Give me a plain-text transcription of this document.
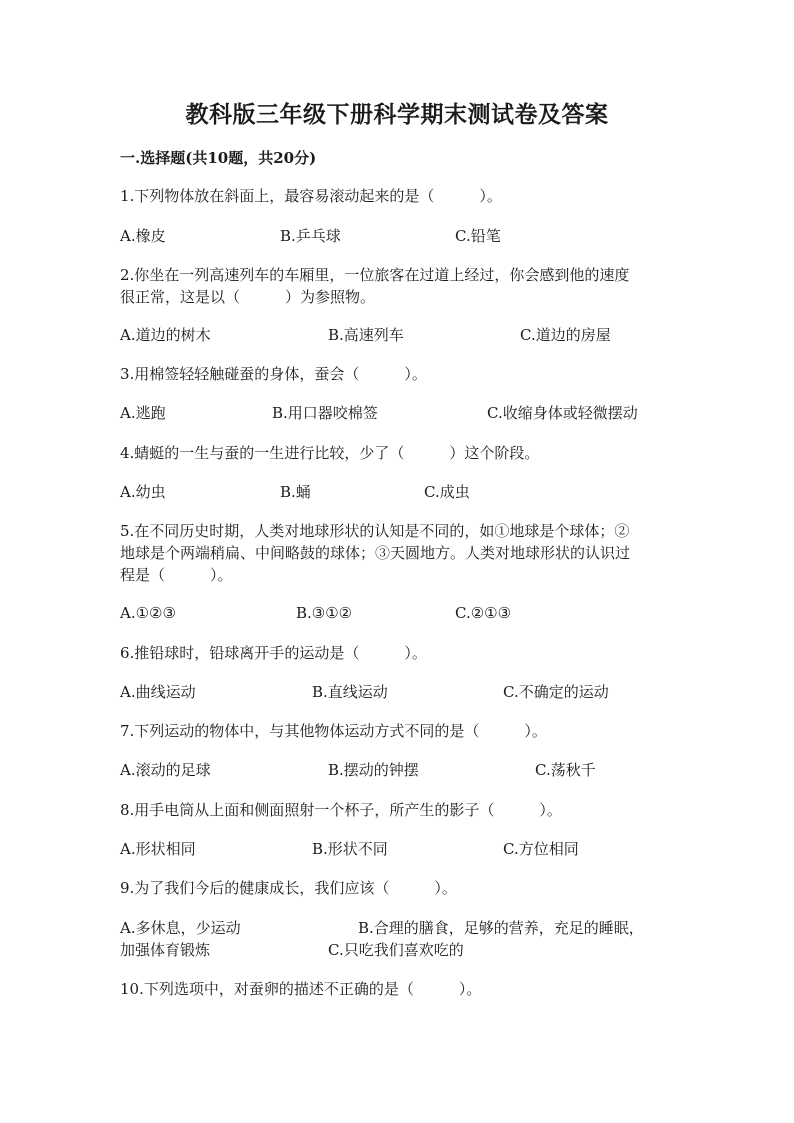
教科版三年级下册科学期末测试卷及答案
一.选择题(共10题，共20分)
1.下列物体放在斜面上，最容易滚动起来的是（　　　）。
A.橡皮	B.乒乓球	C.铅笔
2.你坐在一列高速列车的车厢里，一位旅客在过道上经过，你会感到他的速度
很正常，这是以（　　　）为参照物。
A.道边的树木	B.高速列车	C.道边的房屋
3.用棉签轻轻触碰蚕的身体，蚕会（　　　）。
A.逃跑	B.用口器咬棉签	C.收缩身体或轻微摆动
4.蜻蜓的一生与蚕的一生进行比较，少了（　　　）这个阶段。
A.幼虫	B.蛹	C.成虫
5.在不同历史时期，人类对地球形状的认知是不同的，如①地球是个球体；②
地球是个两端稍扁、中间略鼓的球体；③天圆地方。人类对地球形状的认识过
程是（　　　）。
A.①②③	B.③①②	C.②①③
6.推铅球时，铅球离开手的运动是（　　　）。
A.曲线运动	B.直线运动	C.不确定的运动
7.下列运动的物体中，与其他物体运动方式不同的是（　　　）。
A.滚动的足球	B.摆动的钟摆	C.荡秋千
8.用手电筒从上面和侧面照射一个杯子，所产生的影子（　　　）。
A.形状相同	B.形状不同	C.方位相同
9.为了我们今后的健康成长，我们应该（　　　）。
A.多休息，少运动	B.合理的膳食，足够的营养，充足的睡眠，
加强体育锻炼	C.只吃我们喜欢吃的
10.下列选项中，对蚕卵的描述不正确的是（　　　）。
